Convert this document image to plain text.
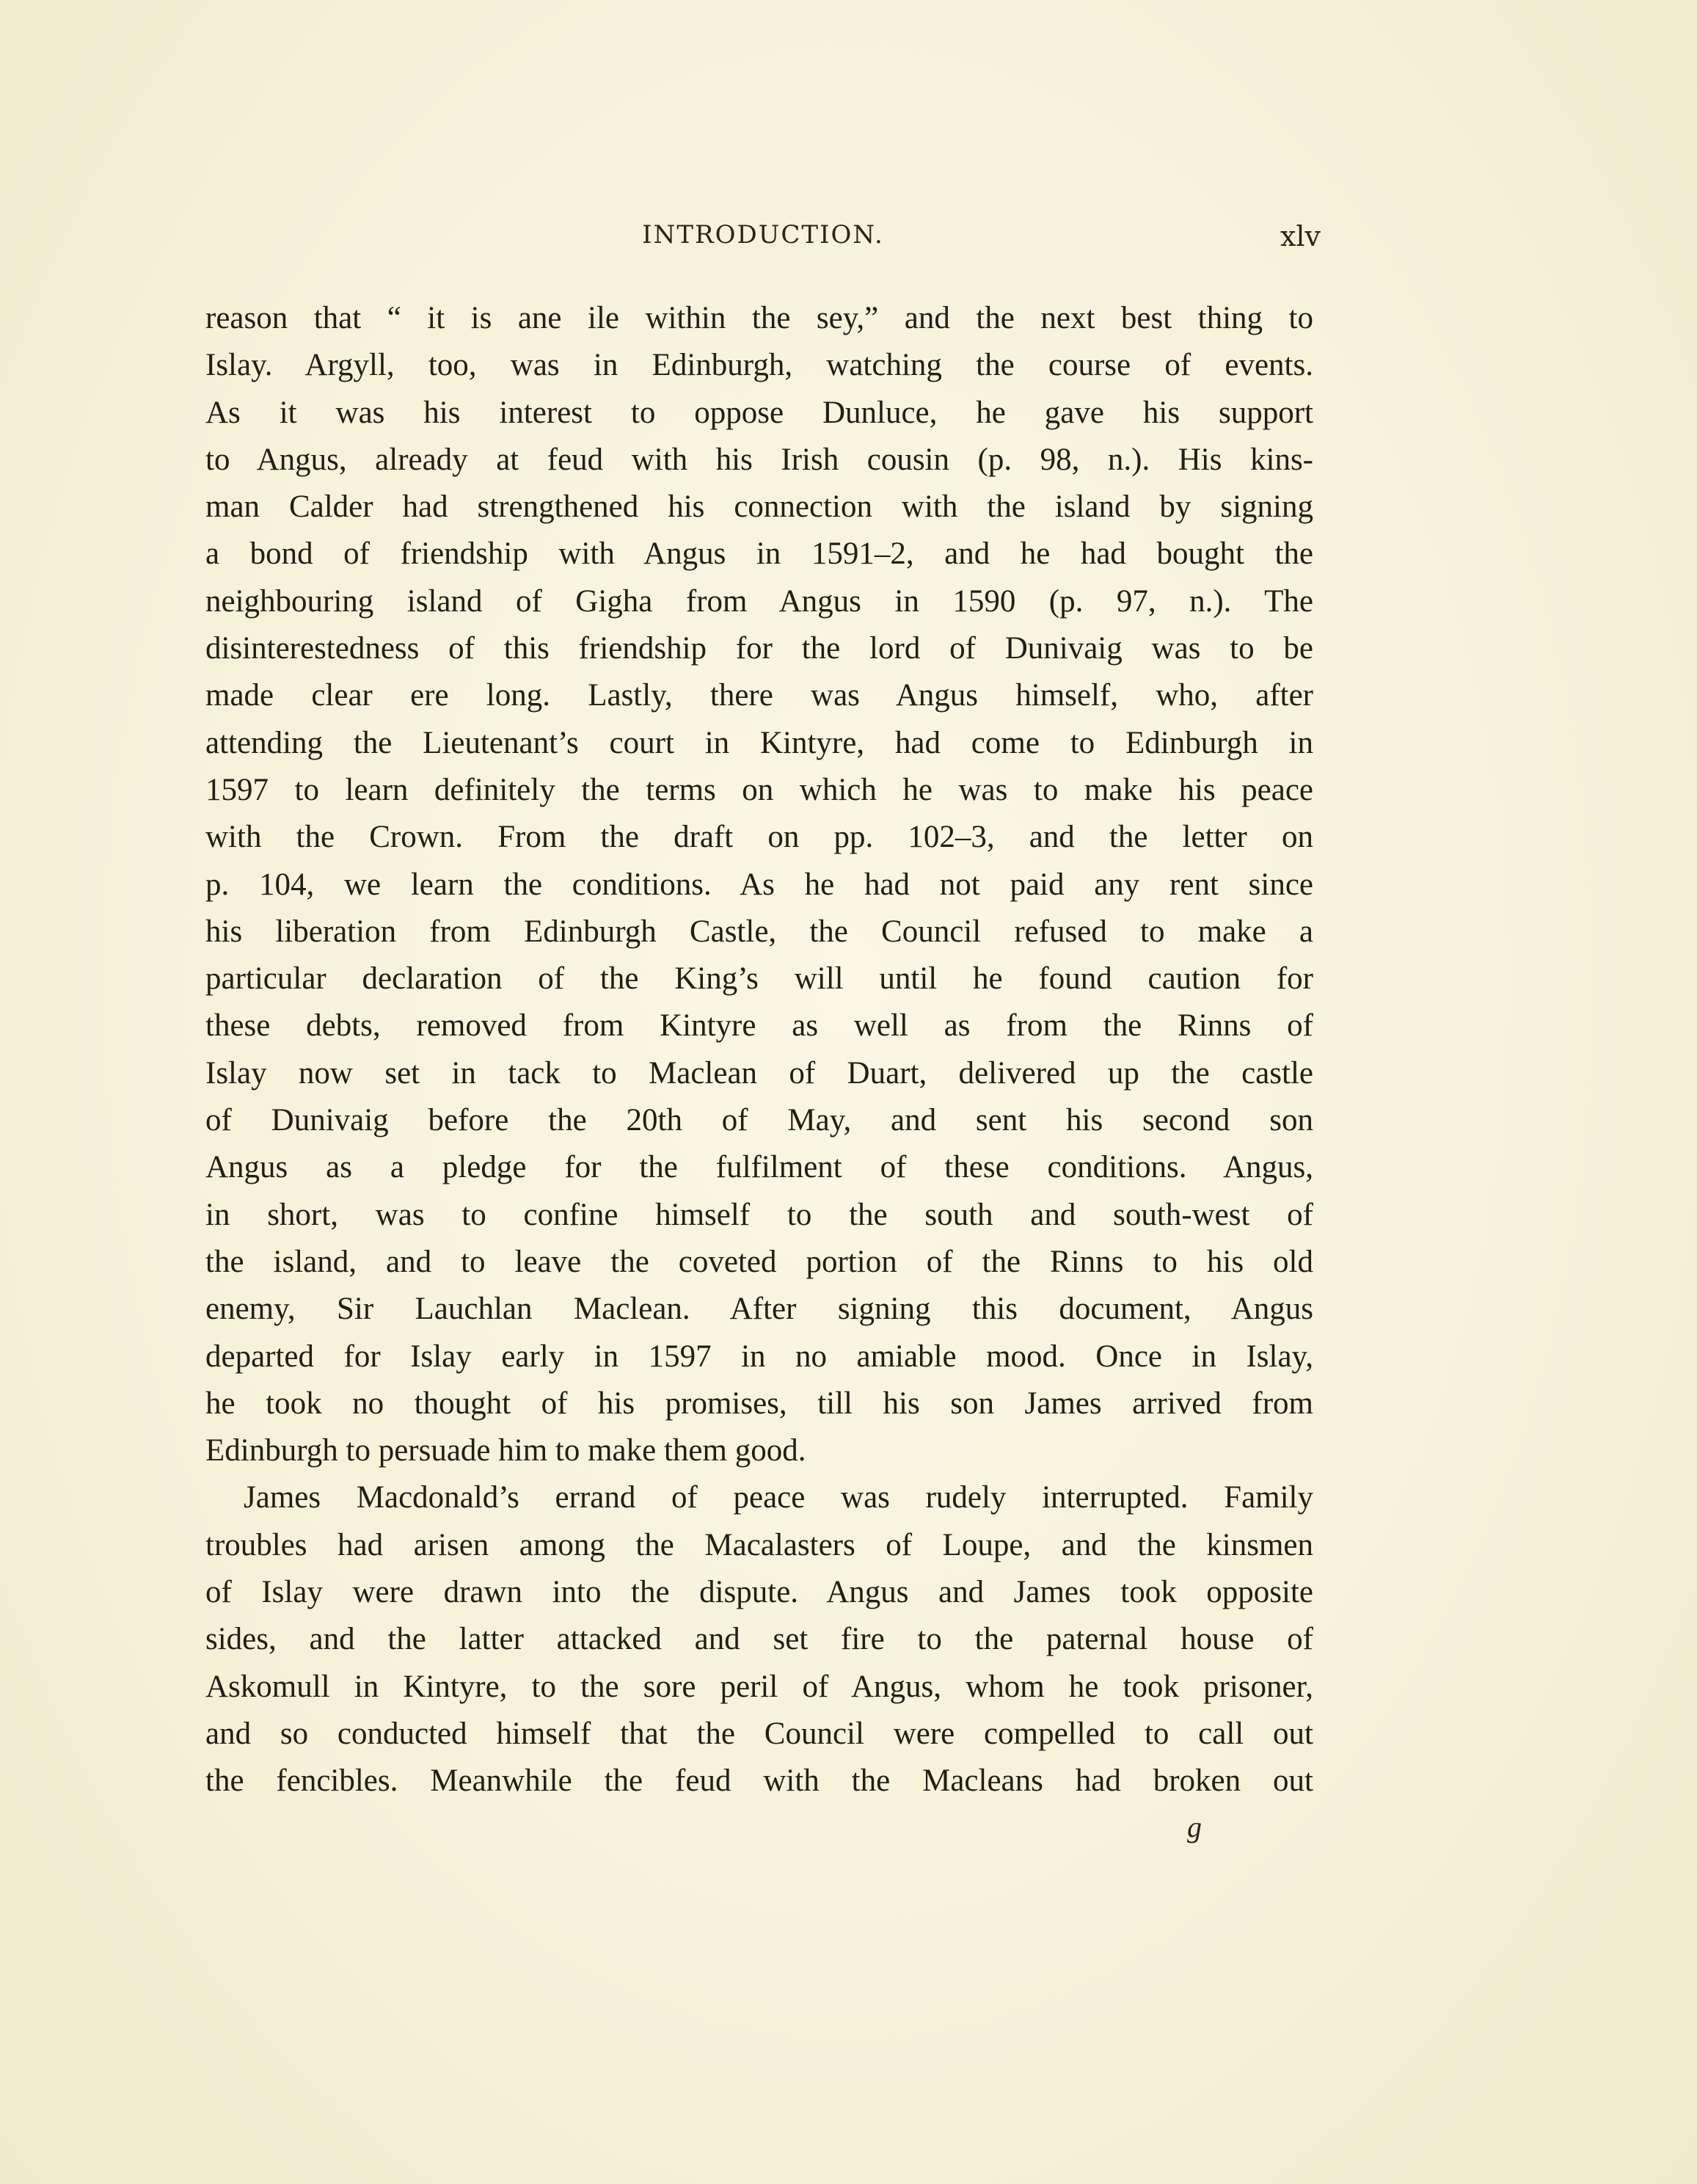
INTRODUCTION.	xlv
reason that “ it is ane ile within the sey,” and the next best thing to
Islay. Argyll, too, was in Edinburgh, watching the course of events.
As it was his interest to oppose Dunluce, he gave his support
to Angus, already at feud with his Irish cousin (p. 98, n.). His kins-
man Calder had strengthened his connection with the island by signing
a bond of friendship with Angus in 1591–2, and he had bought the
neighbouring island of Gigha from Angus in 1590 (p. 97, n.). The
disinterestedness of this friendship for the lord of Dunivaig was to be
made clear ere long. Lastly, there was Angus himself, who, after
attending the Lieutenant’s court in Kintyre, had come to Edinburgh in
1597 to learn definitely the terms on which he was to make his peace
with the Crown. From the draft on pp. 102–3, and the letter on
p. 104, we learn the conditions. As he had not paid any rent since
his liberation from Edinburgh Castle, the Council refused to make a
particular declaration of the King’s will until he found caution for
these debts, removed from Kintyre as well as from the Rinns of
Islay now set in tack to Maclean of Duart, delivered up the castle
of Dunivaig before the 20th of May, and sent his second son
Angus as a pledge for the fulfilment of these conditions. Angus,
in short, was to confine himself to the south and south-west of
the island, and to leave the coveted portion of the Rinns to his old
enemy, Sir Lauchlan Maclean. After signing this document, Angus
departed for Islay early in 1597 in no amiable mood. Once in Islay,
he took no thought of his promises, till his son James arrived from
Edinburgh to persuade him to make them good.
James Macdonald’s errand of peace was rudely interrupted. Family
troubles had arisen among the Macalasters of Loupe, and the kinsmen
of Islay were drawn into the dispute. Angus and James took opposite
sides, and the latter attacked and set fire to the paternal house of
Askomull in Kintyre, to the sore peril of Angus, whom he took prisoner,
and so conducted himself that the Council were compelled to call out
the fencibles. Meanwhile the feud with the Macleans had broken out
g
